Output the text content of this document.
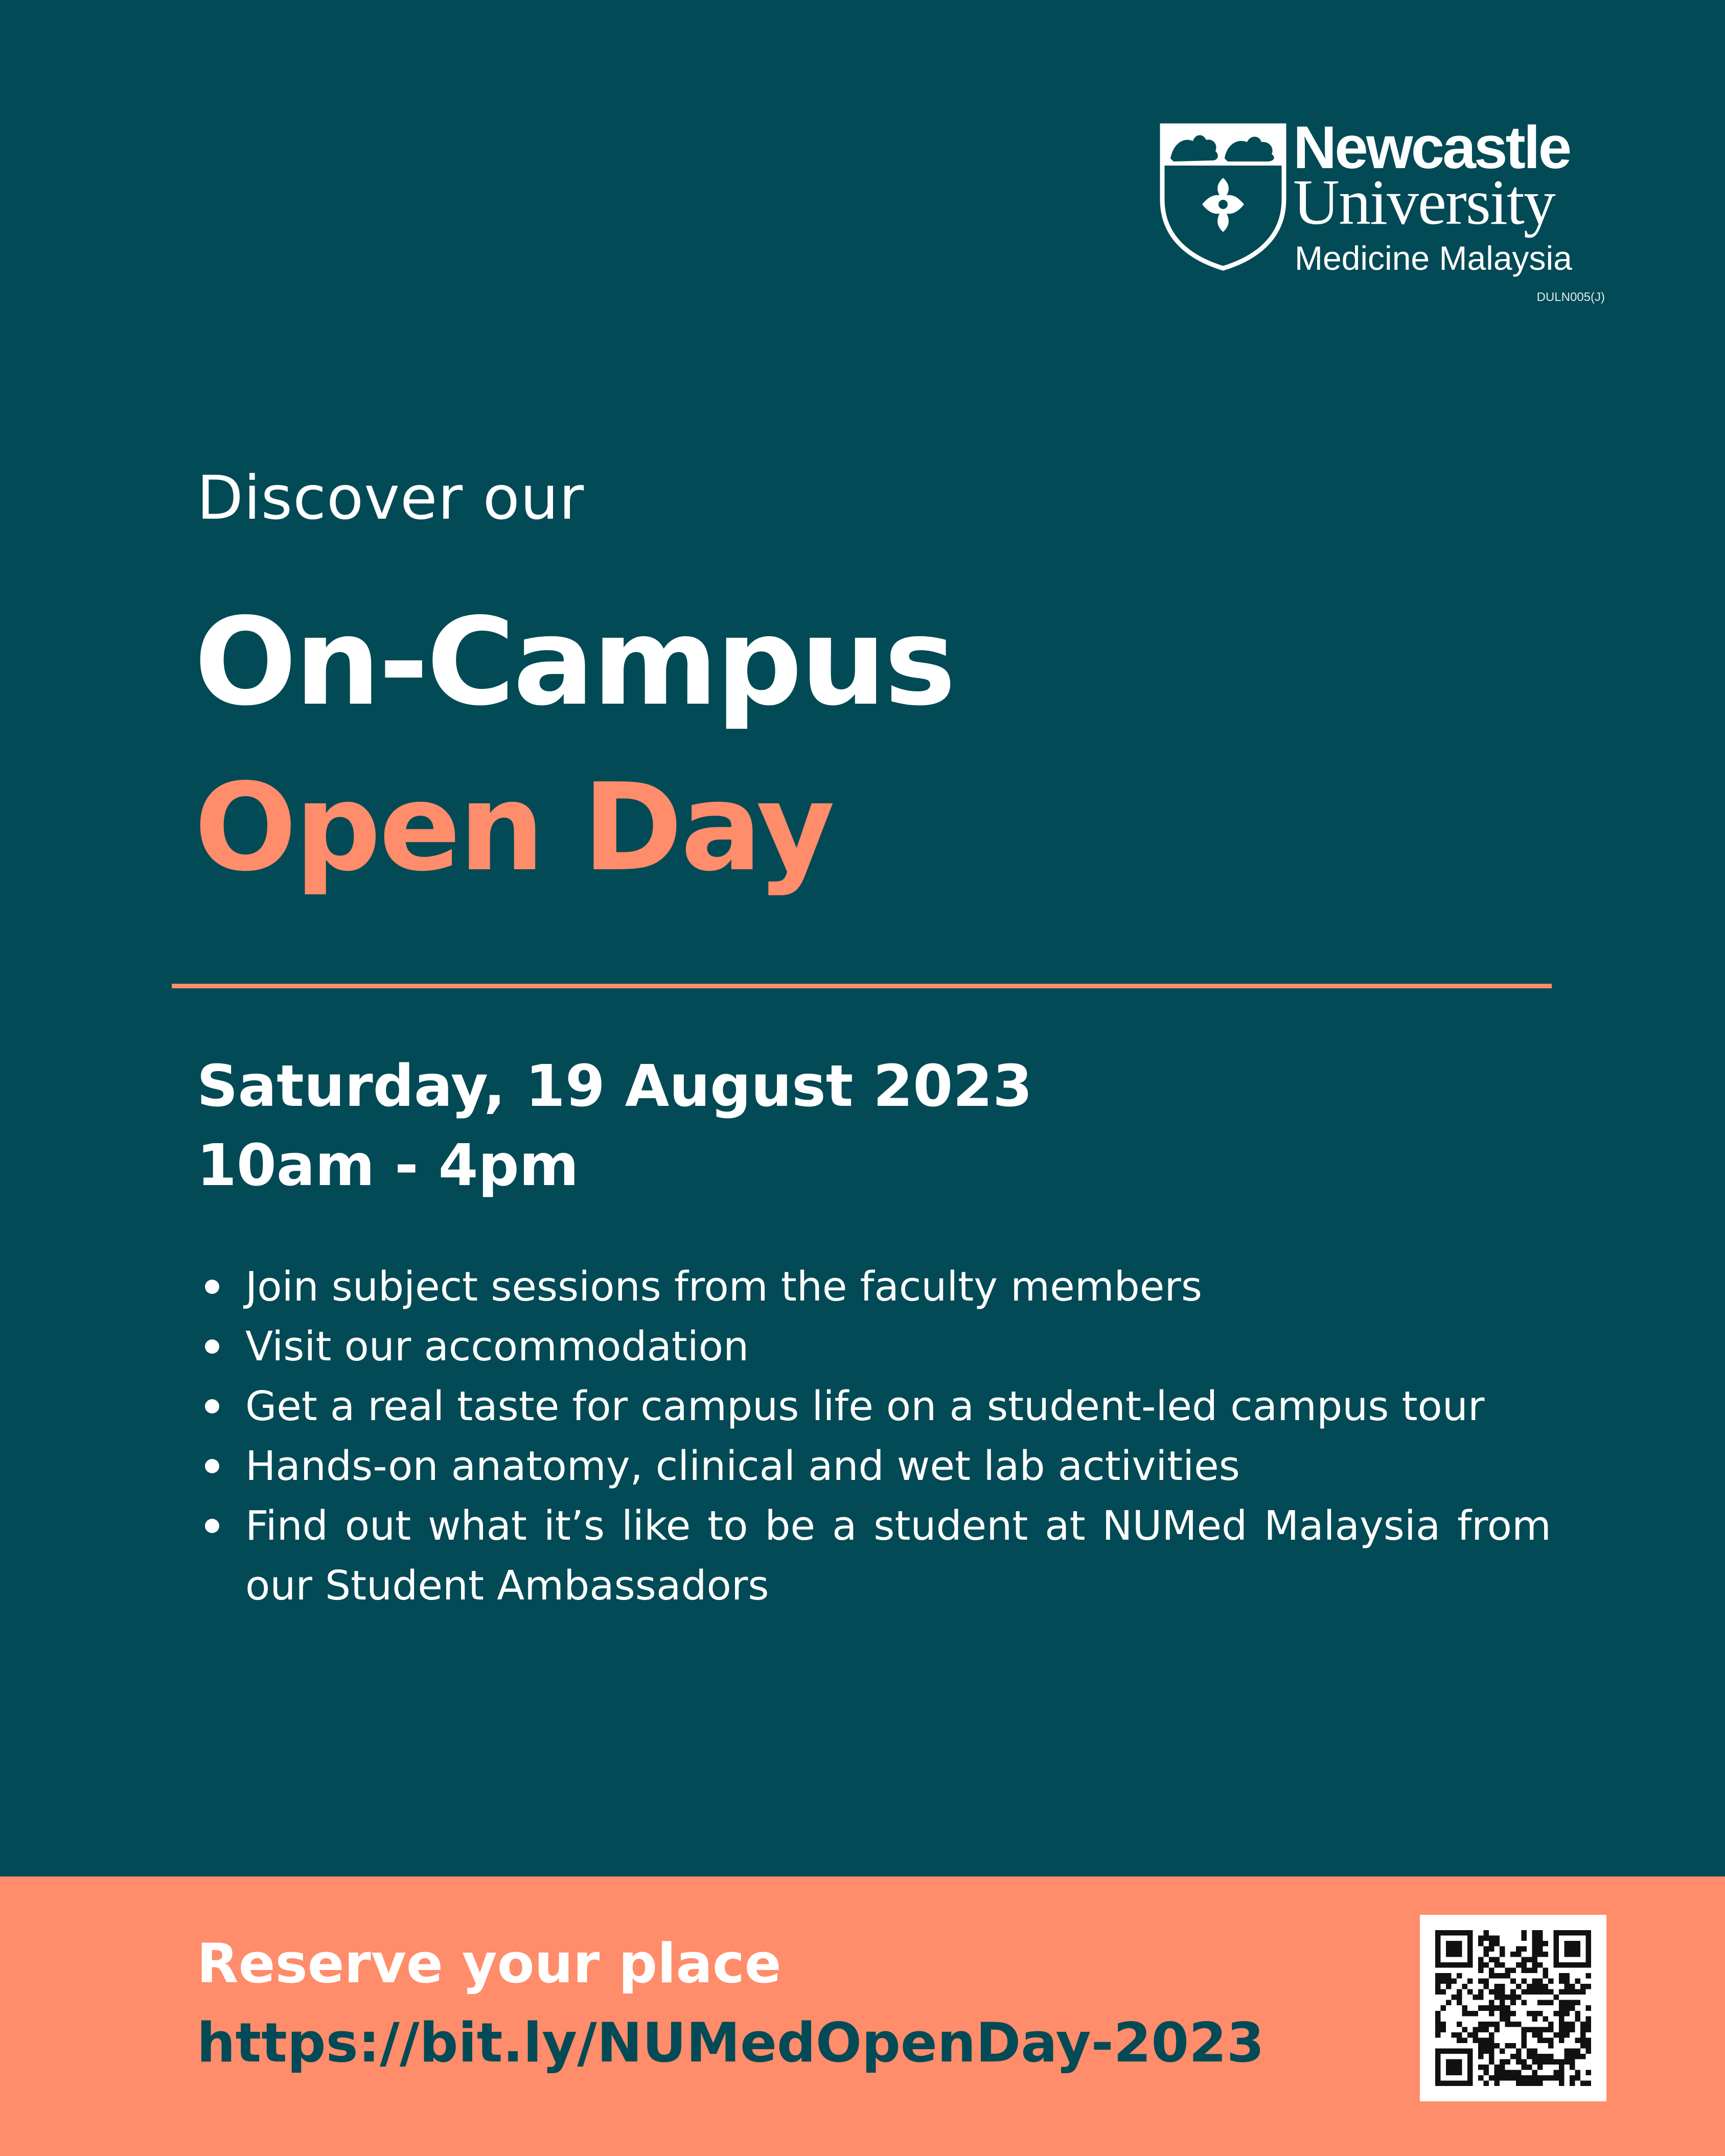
Newcastle
University
Medicine Malaysia
DULN005(J)
Discover our
On-Campus
Open Day
Saturday, 19 August 2023
10am - 4pm
Join subject sessions from the faculty members
Visit our accommodation
Get a real taste for campus life on a student-led campus tour
Hands-on anatomy, clinical and wet lab activities
Find out what it’s like to be a student at NUMed Malaysia from our Student Ambassadors
Reserve your place
https://bit.ly/NUMedOpenDay-2023
